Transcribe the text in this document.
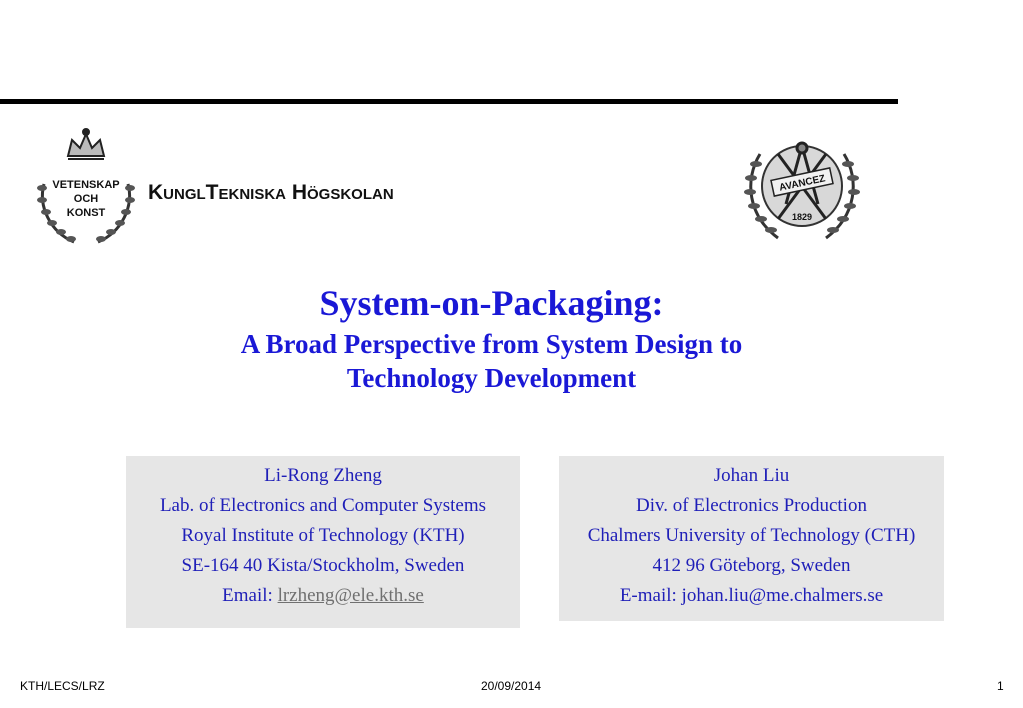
VETENSKAP
OCH
KONST
KunglTekniska Högskolan	AVANCEZ
1829
System-on-Packaging:
A Broad Perspective from System Design to
Technology Development
Li-Rong Zheng
Lab. of Electronics and Computer Systems
Royal Institute of Technology (KTH)
SE-164 40 Kista/Stockholm, Sweden
Email: lrzheng@ele.kth.se
Johan Liu
Div. of Electronics Production
Chalmers University of Technology (CTH)
412 96 Göteborg, Sweden
E-mail: johan.liu@me.chalmers.se
KTH/LECS/LRZ	20/09/2014	1
